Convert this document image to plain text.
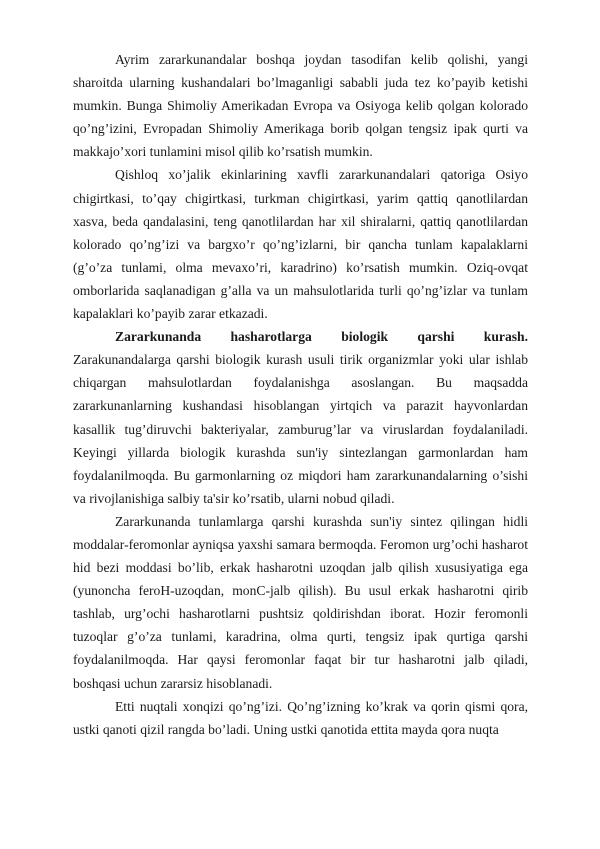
Ayrim zararkunandalar boshqa joydan tasodifan kelib qolishi, yangi sharoitda ularning kushandalari bo’lmaganligi sababli juda tez ko’payib ketishi mumkin. Bunga Shimoliy Amerikadan Evropa va Osiyoga kelib qolgan kolorado qo’ng’izini, Evropadan Shimoliy Amerikaga borib qolgan tengsiz ipak qurti va makkajo’xori tunlamini misol qilib ko’rsatish mumkin.

Qishloq xo’jalik ekinlarining xavfli zararkunandalari qatoriga Osiyo chigirtkasi, to’qay chigirtkasi, turkman chigirtkasi, yarim qattiq qanotlilardan xasva, beda qandalasini, teng qanotlilardan har xil shiralarni, qattiq qanotlilardan kolorado qo’ng’izi va bargxo’r qo’ng’izlarni, bir qancha tunlam kapalaklarni (g’o’za tunlami, olma mevaxo’ri, karadrino) ko’rsatish mumkin. Oziq-ovqat omborlarida saqlanadigan g’alla va un mahsulotlarida turli qo’ng’izlar va tunlam kapalaklari ko’payib zarar etkazadi.

Zararkunanda hasharotlarga biologik qarshi kurash. Zarakunandalarga qarshi biologik kurash usuli tirik organizmlar yoki ular ishlab chiqargan mahsulotlardan foydalanishga asoslangan. Bu maqsadda zararkunanlarning kushandasi hisoblangan yirtqich va parazit hayvonlardan kasallik tug’diruvchi bakteriyalar, zamburug’lar va viruslardan foydalaniladi. Keyingi yillarda biologik kurashda sun'iy sintezlangan garmonlardan ham foydalanilmoqda. Bu garmonlarning oz miqdori ham zararkunandalarning o’sishi va rivojlanishiga salbiy ta'sir ko’rsatib, ularni nobud qiladi.

Zararkunanda tunlamlarga qarshi kurashda sun'iy sintez qilingan hidli moddalar-feromonlar ayniqsa yaxshi samara bermoqda. Feromon urg’ochi hasharot hid bezi moddasi bo’lib, erkak hasharotni uzoqdan jalb qilish xususiyatiga ega (yunoncha feroH-uzoqdan, monC-jalb qilish). Bu usul erkak hasharotni qirib tashlab, urg’ochi hasharotlarni pushtsiz qoldirishdan iborat. Hozir feromonli tuzoqlar g’o’za tunlami, karadrina, olma qurti, tengsiz ipak qurtiga qarshi foydalanilmoqda. Har qaysi feromonlar faqat bir tur hasharotni jalb qiladi, boshqasi uchun zararsiz hisoblanadi.

Etti nuqtali xonqizi qo’ng’izi. Qo’ng’izning ko’krak va qorin qismi qora, ustki qanoti qizil rangda bo’ladi. Uning ustki qanotida ettita mayda qora nuqta
